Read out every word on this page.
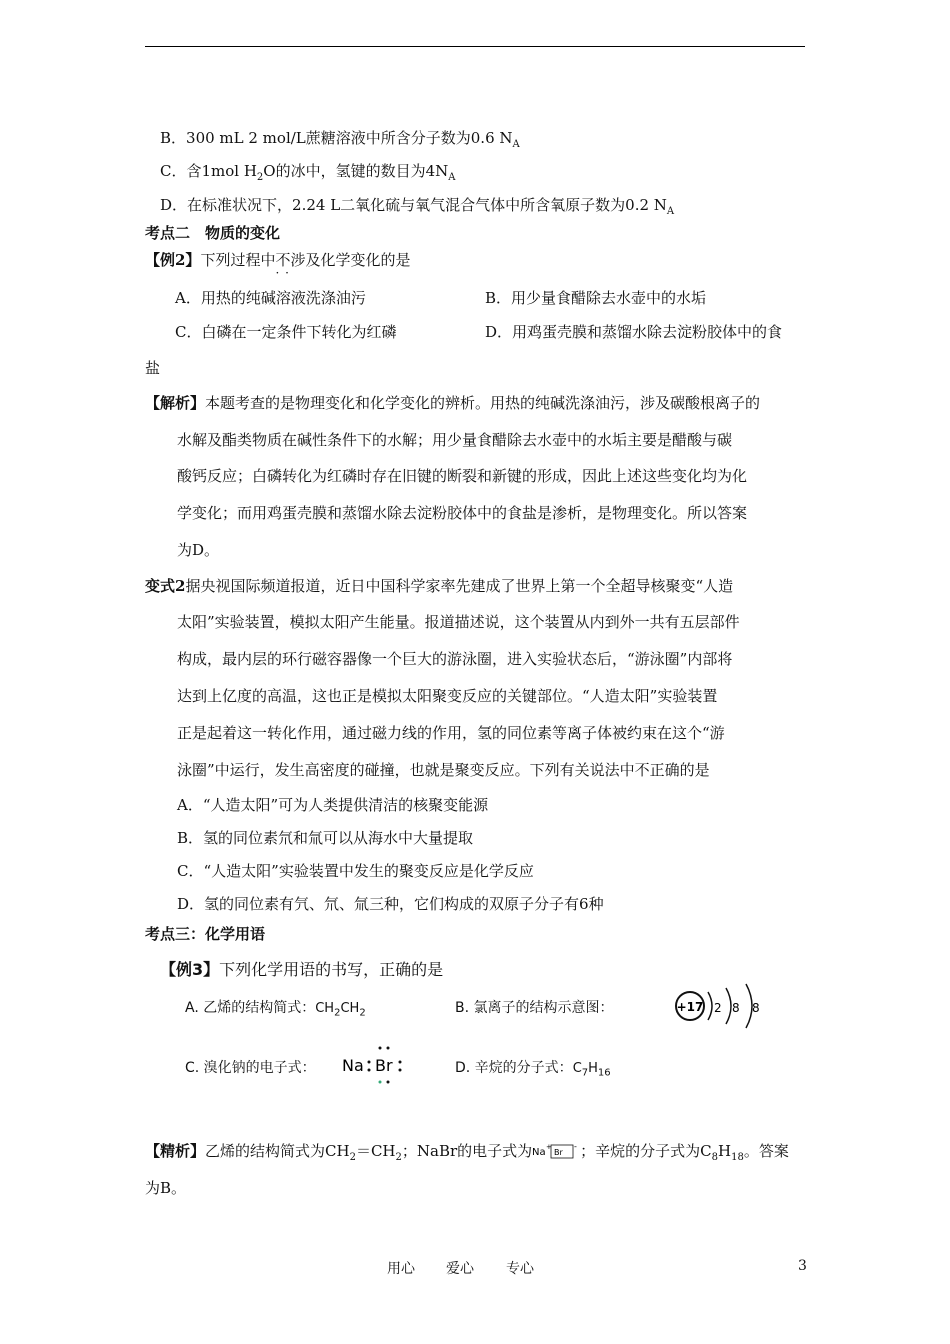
B．300 mL 2 mol/L蔗糖溶液中所含分子数为0.6 $N_A$
C．含1mol $H_2O$的冰中，氢键的数目为$4N_A$
D．在标准状况下，2.24 L二氧化硫与氧气混合气体中所含氧原子数为0.2 $N_A$
考点二　物质的变化
【例2】下列过程中不涉及 · ·化学变化的是
A．用热的纯碱溶液洗涤油污	B．用少量食醋除去水壶中的水垢
C．白磷在一定条件下转化为红磷	D．用鸡蛋壳膜和蒸馏水除去淀粉胶体中的食
盐
【解析】本题考查的是物理变化和化学变化的辨析。用热的纯碱洗涤油污，涉及碳酸根离子的
水解及酯类物质在碱性条件下的水解；用少量食醋除去水壶中的水垢主要是醋酸与碳
酸钙反应；白磷转化为红磷时存在旧键的断裂和新键的形成，因此上述这些变化均为化
学变化；而用鸡蛋壳膜和蒸馏水除去淀粉胶体中的食盐是渗析，是物理变化。所以答案
为D。
变式2据央视国际频道报道，近日中国科学家率先建成了世界上第一个全超导核聚变“人造
太阳”实验装置，模拟太阳产生能量。报道描述说，这个装置从内到外一共有五层部件
构成，最内层的环行磁容器像一个巨大的游泳圈，进入实验状态后，“游泳圈”内部将
达到上亿度的高温，这也正是模拟太阳聚变反应的关键部位。“人造太阳”实验装置
正是起着这一转化作用，通过磁力线的作用，氢的同位素等离子体被约束在这个“游
泳圈”中运行，发生高密度的碰撞，也就是聚变反应。下列有关说法中不正确的是
A．“人造太阳”可为人类提供清洁的核聚变能源
B．氢的同位素氘和氚可以从海水中大量提取
C．“人造太阳”实验装置中发生的聚变反应是化学反应
D．氢的同位素有氕、氘、氚三种，它们构成的双原子分子有6种
考点三：化学用语
【例3】下列化学用语的书写，正确的是
A. 乙烯的结构简式：$CH_2CH_2$	B. 氯离子的结构示意图：	+17 2 8 8
C. 溴化钠的电子式： Na Br	D. 辛烷的分子式：$C_7H_{16}$
【精析】乙烯的结构简式为$CH_2=CH_2$；NaBr的电子式为 Na +
Br
- ；辛烷的分子式为$C_8H_{18}$。答案
为B。
用心 爱心 专心	3
